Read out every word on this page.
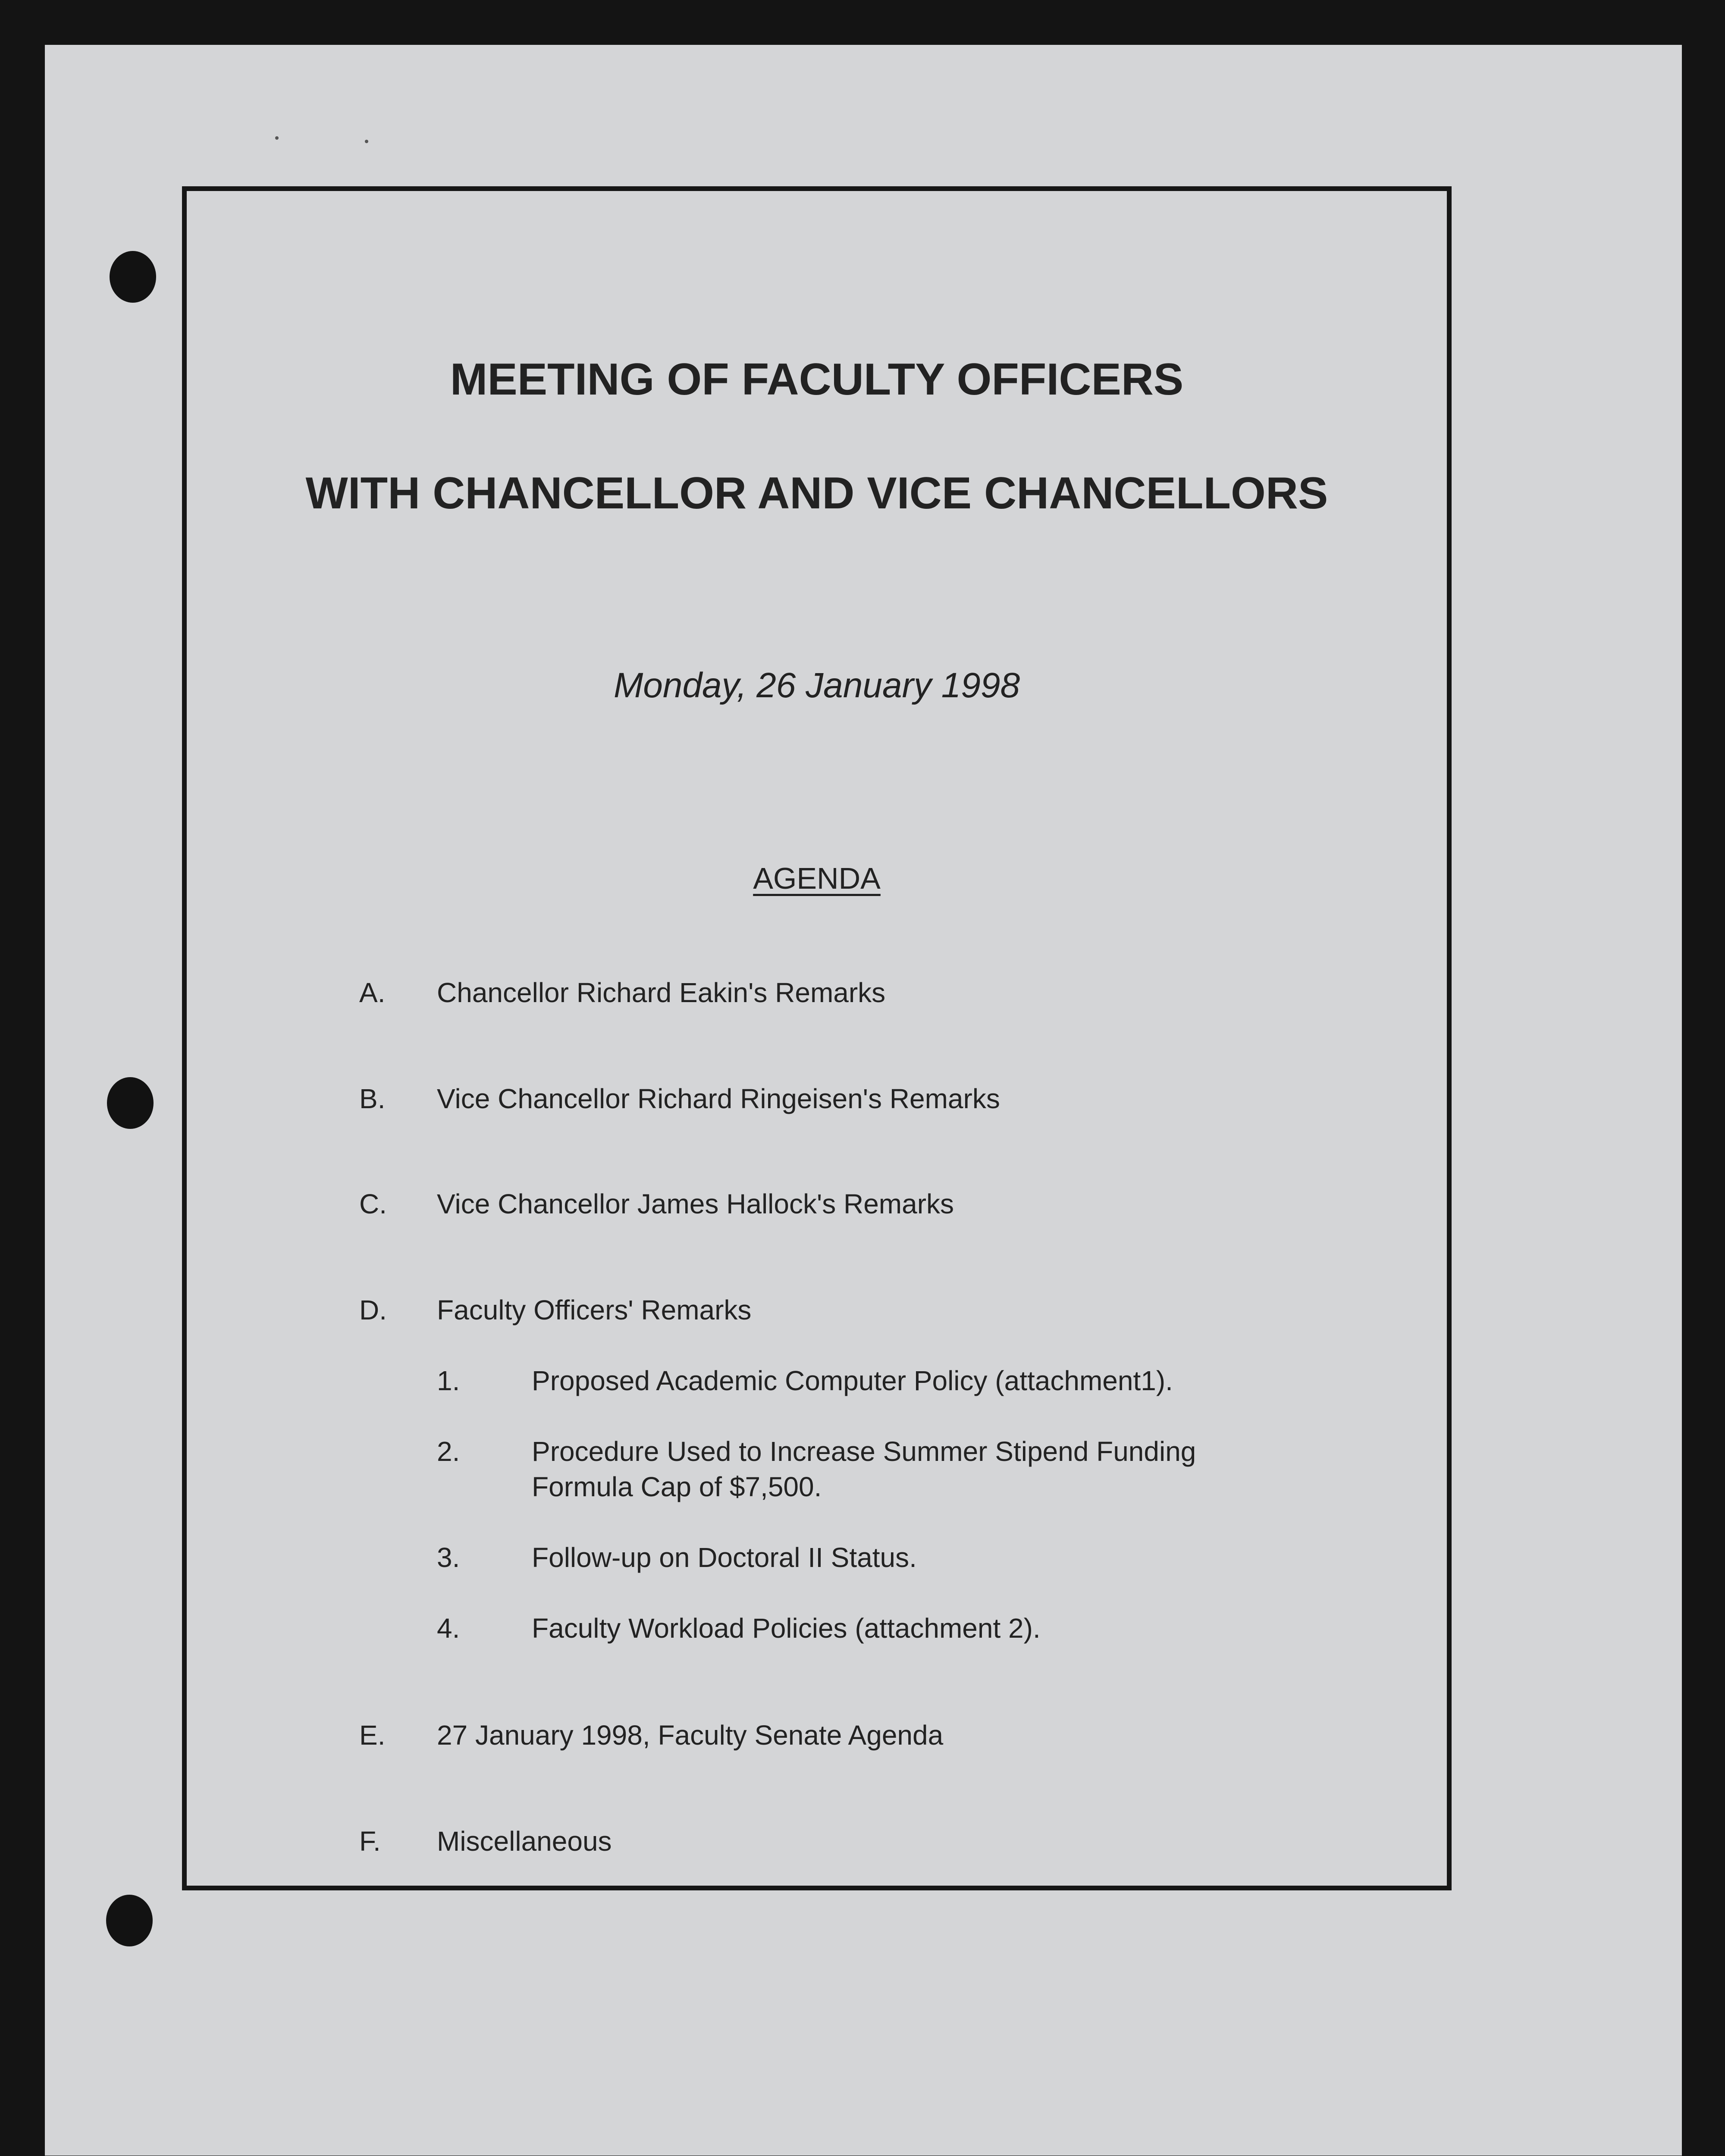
MEETING OF FACULTY OFFICERS
WITH CHANCELLOR AND VICE CHANCELLORS
Monday, 26 January 1998
AGENDA
A. Chancellor Richard Eakin's Remarks
B. Vice Chancellor Richard Ringeisen's Remarks
C. Vice Chancellor James Hallock's Remarks
D. Faculty Officers' Remarks
1.	Proposed Academic Computer Policy (attachment1).
2.	Procedure Used to Increase Summer Stipend Funding
Formula Cap of $7,500.
3.	Follow-up on Doctoral II Status.
4.	Faculty Workload Policies (attachment 2).
E. 27 January 1998, Faculty Senate Agenda
F. Miscellaneous
